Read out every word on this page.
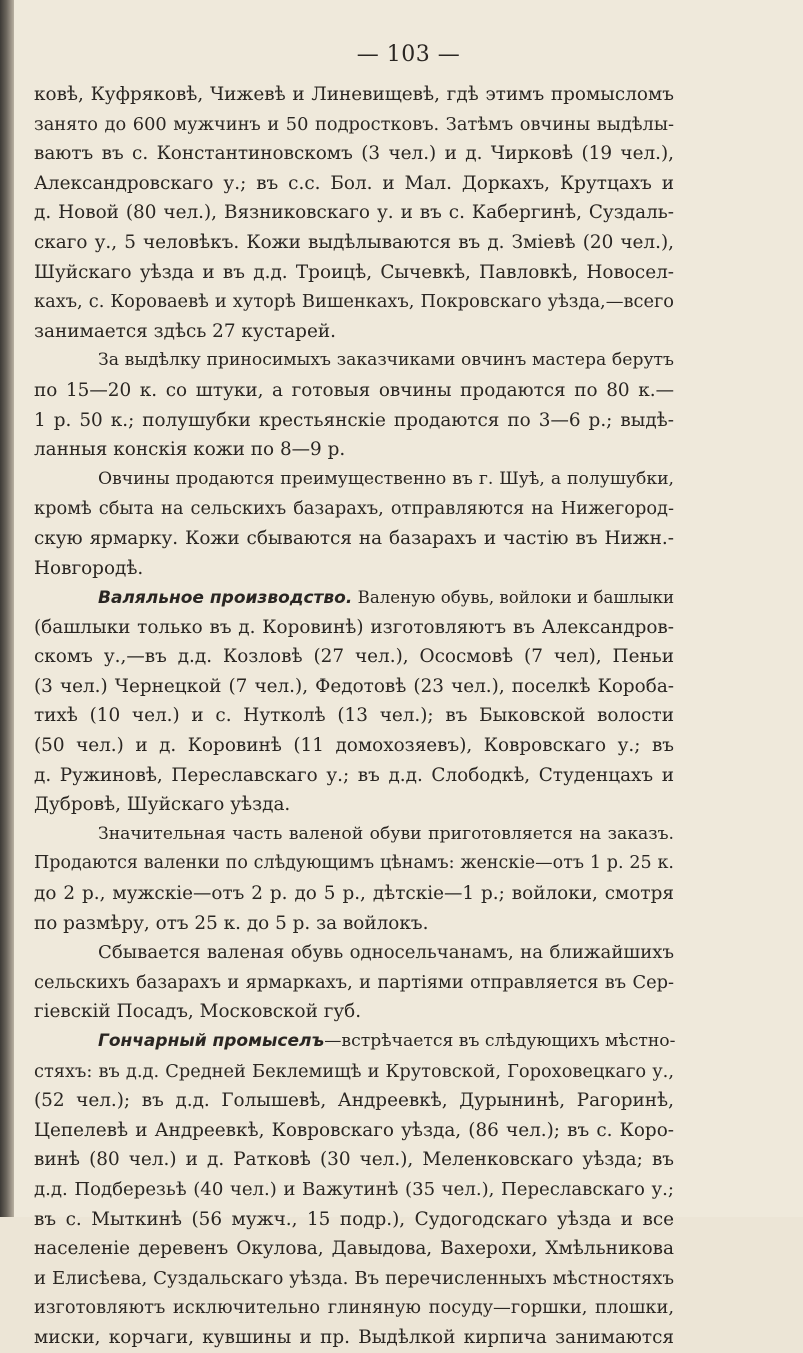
— 103 —
ковѣ, Куфряковѣ, Чижевѣ и Линевищевѣ, гдѣ этимъ промысломъ
занято до 600 мужчинъ и 50 подростковъ. Затѣмъ овчины выдѣлы-
ваютъ въ с. Константиновскомъ (3 чел.) и д. Чирковѣ (19 чел.),
Александровскаго у.; въ с.с. Бол. и Мал. Доркахъ, Крутцахъ и
д. Новой (80 чел.), Вязниковскаго у. и въ с. Кабергинѣ, Суздаль-
скаго у., 5 человѣкъ. Кожи выдѣлываются въ д. Зміевѣ (20 чел.),
Шуйскаго уѣзда и въ д.д. Троицѣ, Сычевкѣ, Павловкѣ, Новосел-
кахъ, с. Короваевѣ и хуторѣ Вишенкахъ, Покровскаго уѣзда,—всего
занимается здѣсь 27 кустарей.
За выдѣлку приносимыхъ заказчиками овчинъ мастера берутъ
по 15—20 к. со штуки, а готовыя овчины продаются по 80 к.—
1 р. 50 к.; полушубки крестьянскіе продаются по 3—6 р.; выдѣ-
ланныя конскія кожи по 8—9 р.
Овчины продаются преимущественно въ г. Шуѣ, а полушубки,
кромѣ сбыта на сельскихъ базарахъ, отправляются на Нижегород-
скую ярмарку. Кожи сбываются на базарахъ и частію въ Нижн.-
Новгородѣ.
Валяльное производство. Валеную обувь, войлоки и башлыки
(башлыки только въ д. Коровинѣ) изготовляютъ въ Александров-
скомъ у.,—въ д.д. Козловѣ (27 чел.), Ососмовѣ (7 чел), Пеньи
(3 чел.) Чернецкой (7 чел.), Федотовѣ (23 чел.), поселкѣ Короба-
тихѣ (10 чел.) и с. Нутколѣ (13 чел.); въ Быковской волости
(50 чел.) и д. Коровинѣ (11 домохозяевъ), Ковровскаго у.; въ
д. Ружиновѣ, Переславскаго у.; въ д.д. Слободкѣ, Студенцахъ и
Дубровѣ, Шуйскаго уѣзда.
Значительная часть валеной обуви приготовляется на заказъ.
Продаются валенки по слѣдующимъ цѣнамъ: женскіе—отъ 1 р. 25 к.
до 2 р., мужскіе—отъ 2 р. до 5 р., дѣтскіе—1 р.; войлоки, смотря
по размѣру, отъ 25 к. до 5 р. за войлокъ.
Сбывается валеная обувь односельчанамъ, на ближайшихъ
сельскихъ базарахъ и ярмаркахъ, и партіями отправляется въ Сер-
гіевскій Посадъ, Московской губ.
Гончарный промыселъ—встрѣчается въ слѣдующихъ мѣстно-
стяхъ: въ д.д. Средней Беклемищѣ и Крутовской, Гороховецкаго у.,
(52 чел.); въ д.д. Голышевѣ, Андреевкѣ, Дурынинѣ, Рагоринѣ,
Цепелевѣ и Андреевкѣ, Ковровскаго уѣзда, (86 чел.); въ с. Коро-
винѣ (80 чел.) и д. Ратковѣ (30 чел.), Меленковскаго уѣзда; въ
д.д. Подберезьѣ (40 чел.) и Важутинѣ (35 чел.), Переславскаго у.;
въ с. Мыткинѣ (56 мужч., 15 подр.), Судогодскаго уѣзда и все
населеніе деревенъ Окулова, Давыдова, Вахерохи, Хмѣльникова
и Елисѣева, Суздальскаго уѣзда. Въ перечисленныхъ мѣстностяхъ
изготовляютъ исключительно глиняную посуду—горшки, плошки,
миски, корчаги, кувшины и пр. Выдѣлкой кирпича занимаются
